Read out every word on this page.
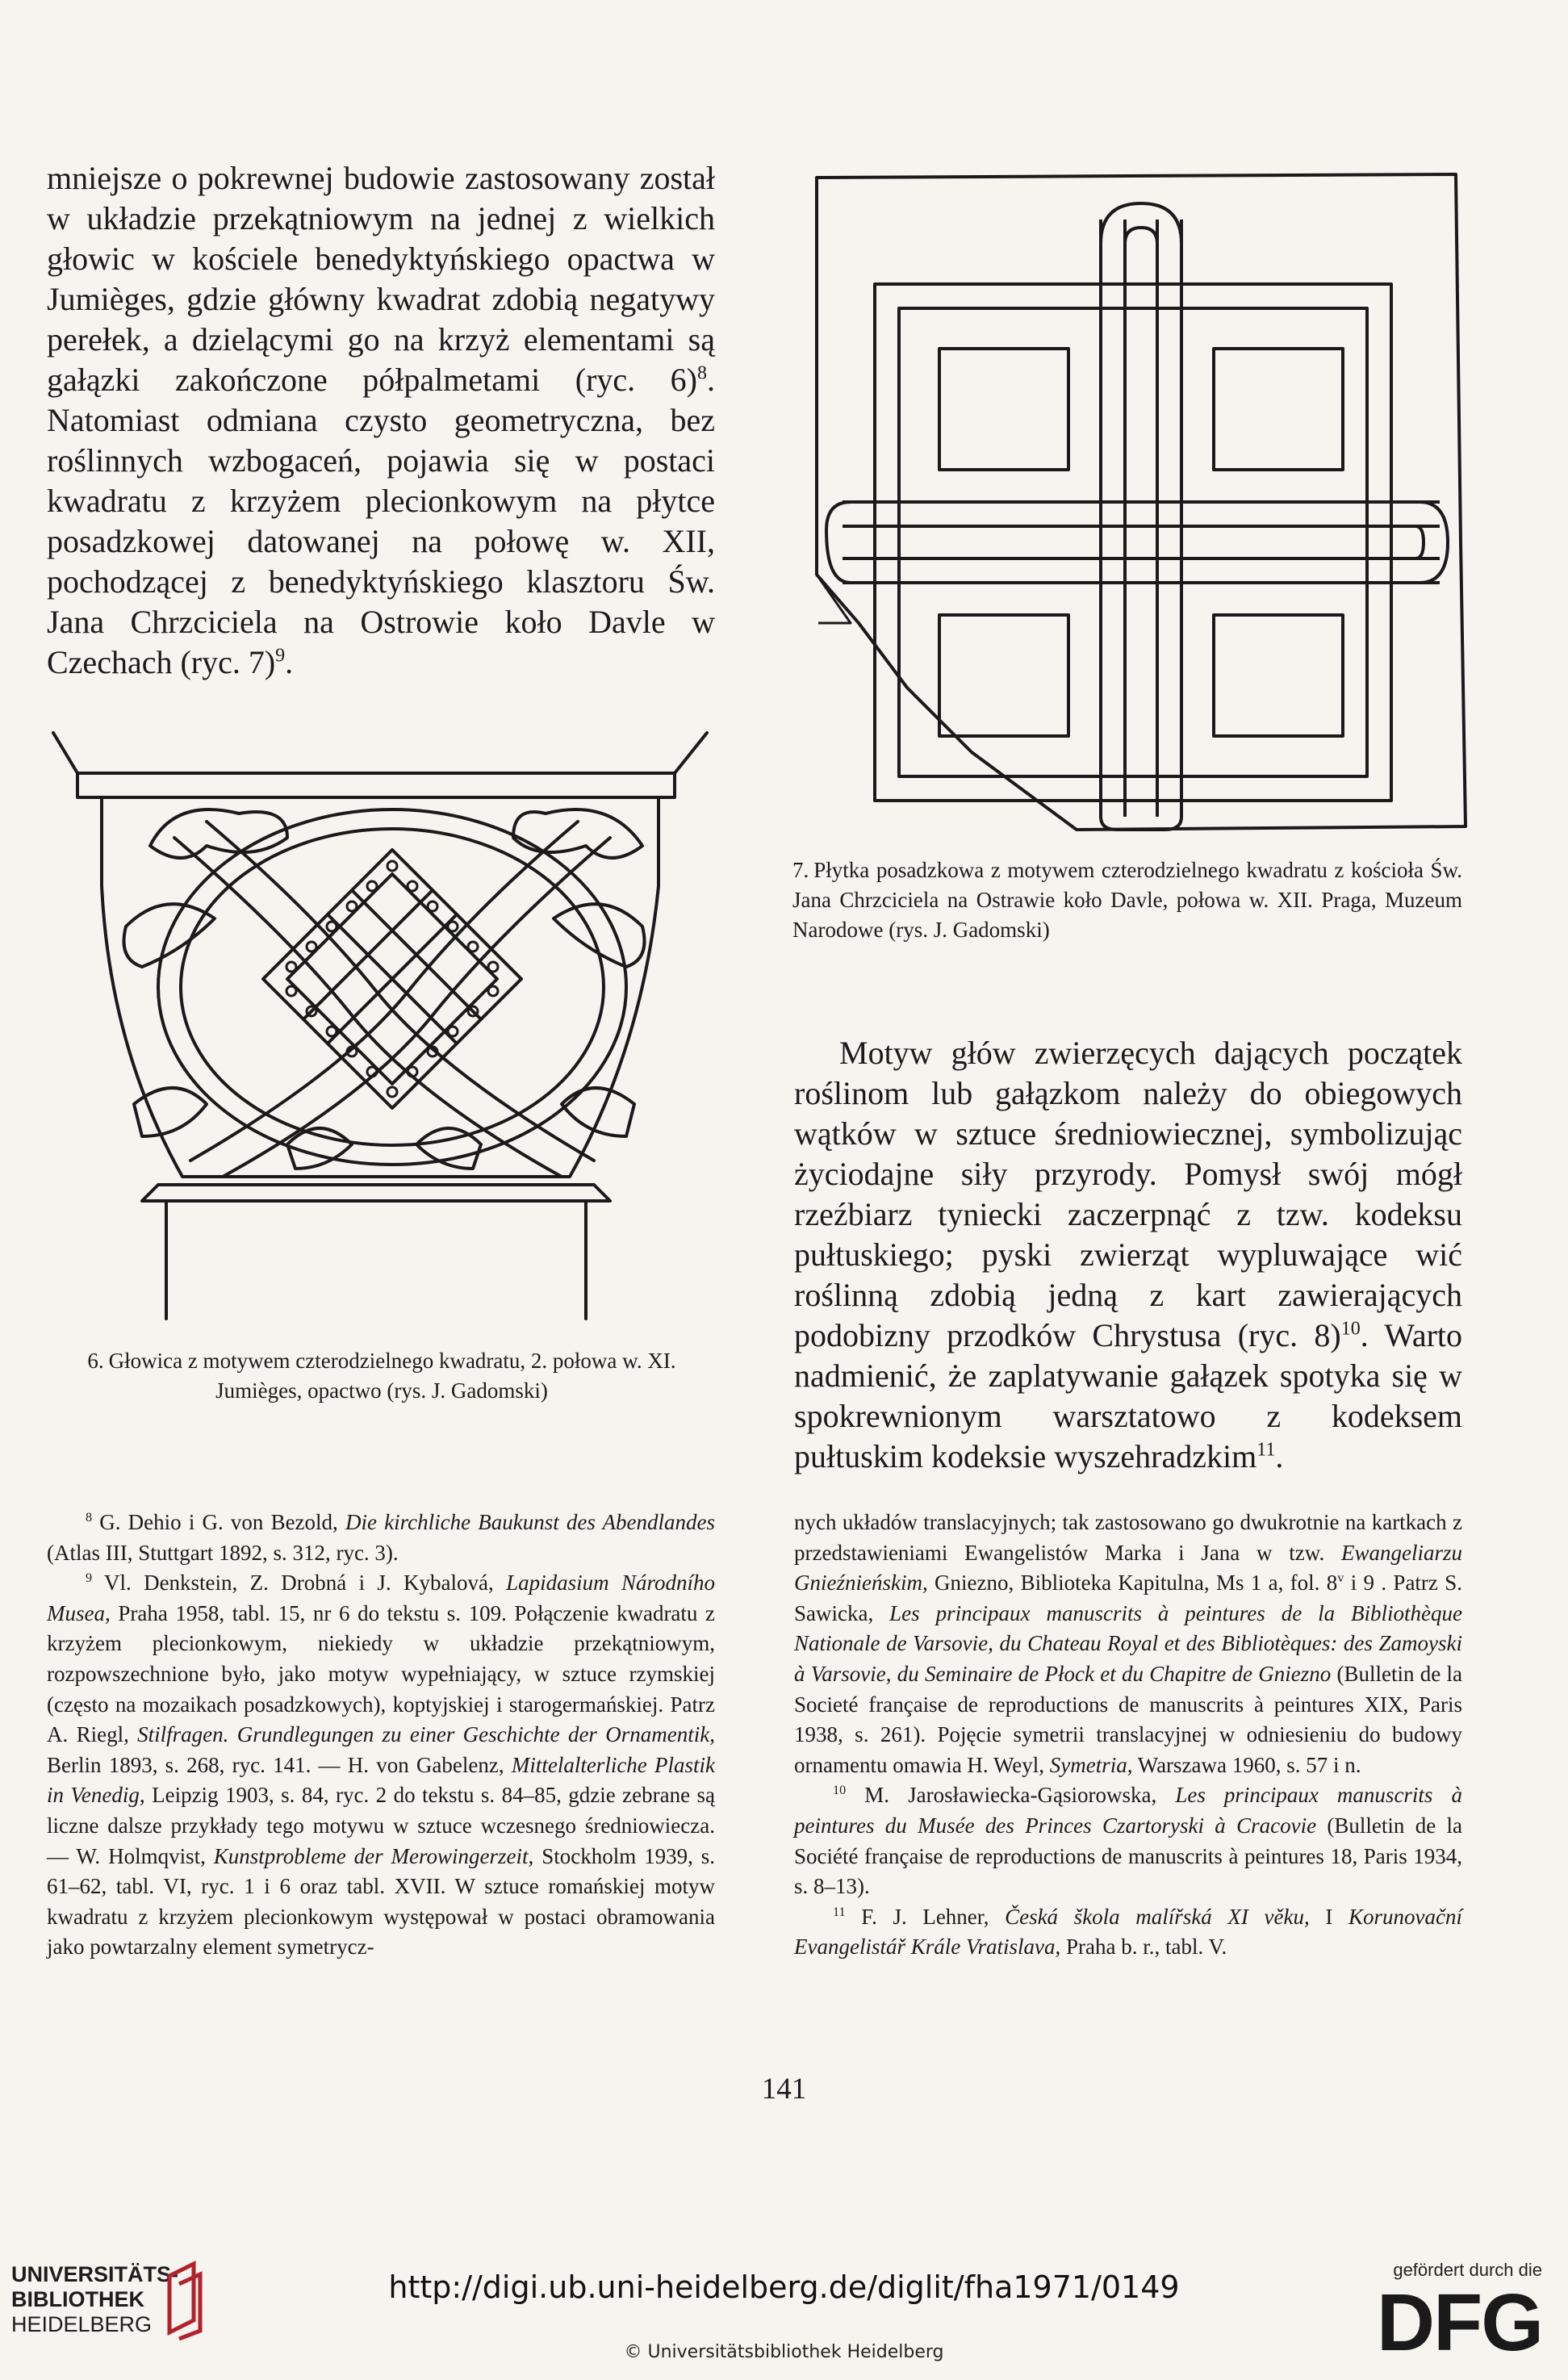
mniejsze o pokrewnej budowie zastosowany został w układzie przekątniowym na jednej z wielkich głowic w kościele benedyktyńskiego opactwa w Jumièges, gdzie główny kwadrat zdobią negatywy perełek, a dzielącymi go na krzyż elementami są gałązki zakończone półpalmetami (ryc. 6)$^8$. Natomiast odmiana czysto geometryczna, bez roślinnych wzbogaceń, pojawia się w postaci kwadratu z krzyżem plecionkowym na płytce posadzkowej datowanej na połowę w. XII, pochodzącej z benedyktyńskiego klasztoru Św. Jana Chrzciciela na Ostrowie koło Davle w Czechach (ryc. 7)$^9$.

7. Płytka posadzkowa z motywem czterodzielnego kwadratu z kościoła Św. Jana Chrzciciela na Ostrawie koło Davle, połowa w. XII. Praga, Muzeum Narodowe (rys. J. Gadomski)
6. Głowica z motywem czterodzielnego kwadratu, 2. połowa w. XI. Jumièges, opactwo (rys. J. Gadomski)

Motyw głów zwierzęcych dających początek roślinom lub gałązkom należy do obiegowych wątków w sztuce średniowiecznej, symbolizując życiodajne siły przyrody. Pomysł swój mógł rzeźbiarz tyniecki zaczerpnąć z tzw. kodeksu pułtuskiego; pyski zwierząt wypluwające wić roślinną zdobią jedną z kart zawierających podobizny przodków Chrystusa (ryc. 8)$^{10}$. Warto nadmienić, że zaplatywanie gałązek spotyka się w spokrewnionym warsztatowo z kodeksem pułtuskim kodeksie wyszehradzkim$^{11}$.

$^8$ G. Dehio i G. von Bezold, Die kirchliche Baukunst des Abendlandes (Atlas III, Stuttgart 1892, s. 312, ryc. 3).

$^9$ Vl. Denkstein, Z. Drobná i J. Kybalová, Lapidasium Národního Musea, Praha 1958, tabl. 15, nr 6 do tekstu s. 109. Połączenie kwadratu z krzyżem plecionkowym, niekiedy w układzie przekątniowym, rozpowszechnione było, jako motyw wypełniający, w sztuce rzymskiej (często na mozaikach posadzkowych), koptyjskiej i starogermańskiej. Patrz A. Riegl, Stilfragen. Grundlegungen zu einer Geschichte der Ornamentik, Berlin 1893, s. 268, ryc. 141. — H. von Gabelenz, Mittelalterliche Plastik in Venedig, Leipzig 1903, s. 84, ryc. 2 do tekstu s. 84–85, gdzie zebrane są liczne dalsze przykłady tego motywu w sztuce wczesnego średniowiecza. — W. Holmqvist, Kunstprobleme der Merowingerzeit, Stockholm 1939, s. 61–62, tabl. VI, ryc. 1 i 6 oraz tabl. XVII. W sztuce romańskiej motyw kwadratu z krzyżem plecionkowym występował w postaci obramowania jako powtarzalny element symetrycz-

nych układów translacyjnych; tak zastosowano go dwukrotnie na kartkach z przedstawieniami Ewangelistów Marka i Jana w tzw. Ewangeliarzu Gnieźnieńskim, Gniezno, Biblioteka Kapitulna, Ms 1 a, fol. 8$^v$ i 9 . Patrz S. Sawicka, Les principaux manuscrits à peintures de la Bibliothèque Nationale de Varsovie, du Chateau Royal et des Bibliotèques: des Zamoyski à Varsovie, du Seminaire de Płock et du Chapitre de Gniezno (Bulletin de la Societé française de reproductions de manuscrits à peintures XIX, Paris 1938, s. 261). Pojęcie symetrii translacyjnej w odniesieniu do budowy ornamentu omawia H. Weyl, Symetria, Warszawa 1960, s. 57 i n.

$^{10}$ M. Jarosławiecka-Gąsiorowska, Les principaux manuscrits à peintures du Musée des Princes Czartoryski à Cracovie (Bulletin de la Société française de reproductions de manuscrits à peintures 18, Paris 1934, s. 8–13).

$^{11}$ F. J. Lehner, Česká škola malířská XI věku, I Korunovační Evangelistář Krále Vratislava, Praha b. r., tabl. V.

141
UNIVERSITÄTS-
BIBLIOTHEK
HEIDELBERG
http://digi.ub.uni-heidelberg.de/diglit/fha1971/0149
© Universitätsbibliothek Heidelberg
gefördert durch die
DFG
